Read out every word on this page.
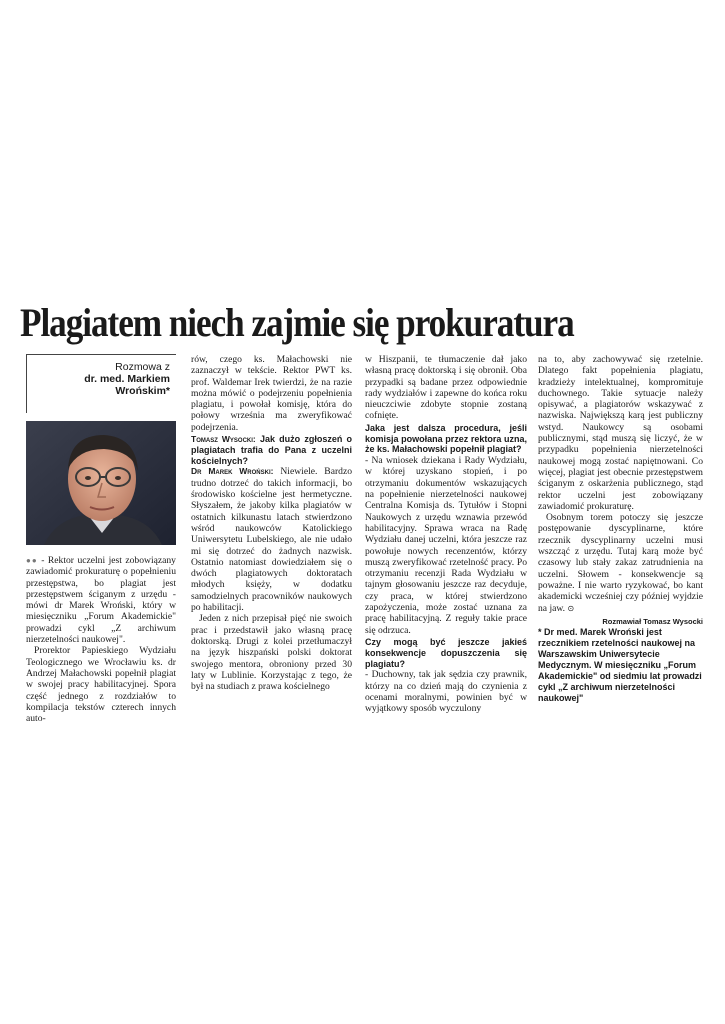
Plagiatem niech zajmie się prokuratura
Rozmowa z
dr. med. Markiem
Wrońskim*

●● - Rektor uczelni jest zobowiązany zawiadomić prokuraturę o popełnieniu przestępstwa, bo plagiat jest przestępstwem ściganym z urzędu - mówi dr Marek Wroński, który w miesięczniku „Forum Akademickie" prowadzi cykl „Z archiwum nierzetelności naukowej".

Prorektor Papieskiego Wydziału Teologicznego we Wrocławiu ks. dr Andrzej Małachowski popełnił plagiat w swojej pracy habilitacyjnej. Spora część jednego z rozdziałów to kompilacja tekstów czterech innych auto-

rów, czego ks. Małachowski nie zaznaczył w tekście. Rektor PWT ks. prof. Waldemar Irek twierdzi, że na razie można mówić o podejrzeniu popełnienia plagiatu, i powołał komisję, która do połowy września ma zweryfikować podejrzenia.

Tomasz Wysocki: Jak dużo zgłoszeń o plagiatach trafia do Pana z uczelni kościelnych?

Dr Marek Wroński: Niewiele. Bardzo trudno dotrzeć do takich informacji, bo środowisko kościelne jest hermetyczne. Słyszałem, że jakoby kilka plagiatów w ostatnich kilkunastu latach stwierdzono wśród naukowców Katolickiego Uniwersytetu Lubelskiego, ale nie udało mi się dotrzeć do żadnych nazwisk. Ostatnio natomiast dowiedziałem się o dwóch plagiatowych doktoratach młodych księży, w dodatku samodzielnych pracowników naukowych po habilitacji.

Jeden z nich przepisał pięć nie swoich prac i przedstawił jako własną pracę doktorską. Drugi z kolei przetłumaczył na język hiszpański polski doktorat swojego mentora, obroniony przed 30 laty w Lublinie. Korzystając z tego, że był na studiach z prawa kościelnego

w Hiszpanii, te tłumaczenie dał jako własną pracę doktorską i się obronił. Oba przypadki są badane przez odpowiednie rady wydziałów i zapewne do końca roku nieuczciwie zdobyte stopnie zostaną cofnięte.

Jaka jest dalsza procedura, jeśli komisja powołana przez rektora uzna, że ks. Małachowski popełnił plagiat?

- Na wniosek dziekana i Rady Wydziału, w której uzyskano stopień, i po otrzymaniu dokumentów wskazujących na popełnienie nierzetelności naukowej Centralna Komisja ds. Tytułów i Stopni Naukowych z urzędu wznawia przewód habilitacyjny. Sprawa wraca na Radę Wydziału danej uczelni, która jeszcze raz powołuje nowych recenzentów, którzy muszą zweryfikować rzetelność pracy. Po otrzymaniu recenzji Rada Wydziału w tajnym głosowaniu jeszcze raz decyduje, czy praca, w której stwierdzono zapożyczenia, może zostać uznana za pracę habilitacyjną. Z reguły takie prace się odrzuca.

Czy mogą być jeszcze jakieś konsekwencje dopuszczenia się plagiatu?

- Duchowny, tak jak sędzia czy prawnik, którzy na co dzień mają do czynienia z ocenami moralnymi, powinien być w wyjątkowy sposób wyczulony

na to, aby zachowywać się rzetelnie. Dlatego fakt popełnienia plagiatu, kradzieży intelektualnej, kompromituje duchownego. Takie sytuacje należy opisywać, a plagiatorów wskazywać z nazwiska. Największą karą jest publiczny wstyd. Naukowcy są osobami publicznymi, stąd muszą się liczyć, że w przypadku popełnienia nierzetelności naukowej mogą zostać napiętnowani. Co więcej, plagiat jest obecnie przestępstwem ściganym z oskarżenia publicznego, stąd rektor uczelni jest zobowiązany zawiadomić prokuraturę.

Osobnym torem potoczy się jeszcze postępowanie dyscyplinarne, które rzecznik dyscyplinarny uczelni musi wszcząć z urzędu. Tutaj karą może być czasowy lub stały zakaz zatrudnienia na uczelni. Słowem - konsekwencje są poważne. I nie warto ryzykować, bo kant akademicki wcześniej czy później wyjdzie na jaw. ⊙

Rozmawiał Tomasz Wysocki

* Dr med. Marek Wroński jest rzecznikiem rzetelności naukowej na Warszawskim Uniwersytecie Medycznym. W miesięczniku „Forum Akademickie" od siedmiu lat prowadzi cykl „Z archiwum nierzetelności naukowej"
